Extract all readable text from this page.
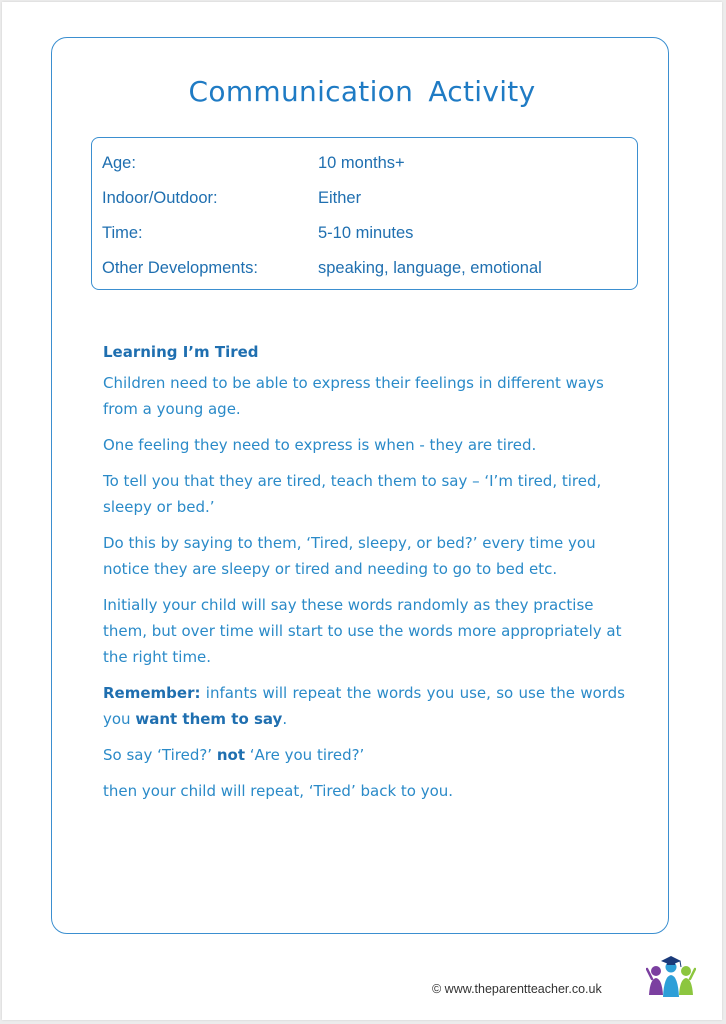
Communication Activity
Age:	10 months+
Indoor/Outdoor:	Either
Time:	5-10 minutes
Other Developments:	speaking, language, emotional
Learning I’m Tired

Children need to be able to express their feelings in different ways from a young age.

One feeling they need to express is when - they are tired.

To tell you that they are tired, teach them to say – ‘I’m tired, tired, sleepy or bed.’

Do this by saying to them, ‘Tired, sleepy, or bed?’ every time you notice they are sleepy or tired and needing to go to bed etc.

Initially your child will say these words randomly as they practise them, but over time will start to use the words more appropriately at the right time.

Remember: infants will repeat the words you use, so use the words you want them to say.

So say ‘Tired?’ not ‘Are you tired?’

then your child will repeat, ‘Tired’ back to you.

© www.theparentteacher.co.uk
